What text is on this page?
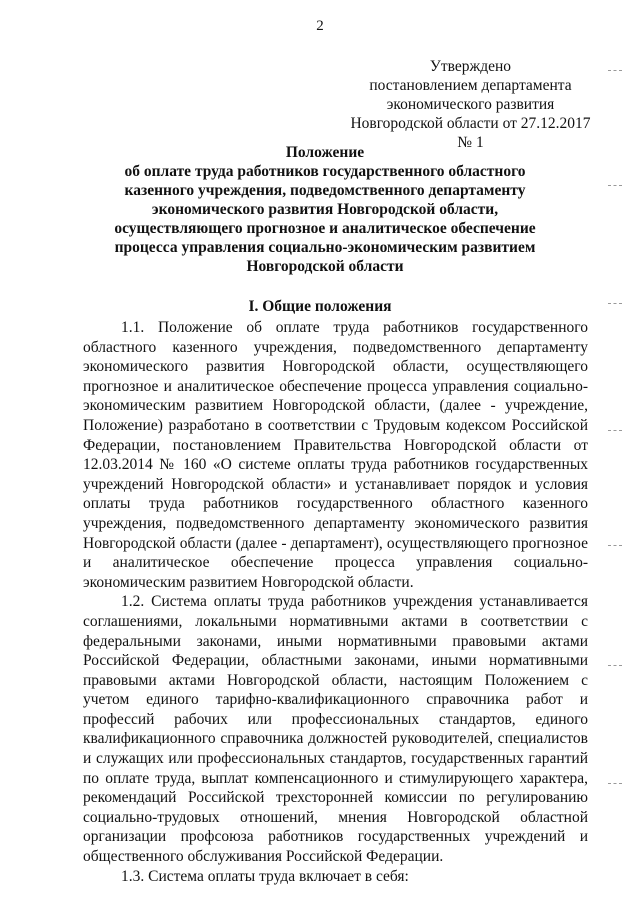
2
Утверждено
постановлением департамента
экономического развития
Новгородской области от 27.12.2017
№ 1
Положение
об оплате труда работников государственного областного
казенного учреждения, подведомственного департаменту
экономического развития Новгородской области,
осуществляющего прогнозное и аналитическое обеспечение
процесса управления социально-экономическим развитием
Новгородской области
I. Общие положения

1.1. Положение об оплате труда работников государственного областного казенного учреждения, подведомственного департаменту экономического развития Новгородской области, осуществляющего прогнозное и аналитическое обеспечение процесса управления социально-экономическим развитием Новгородской области, (далее - учреждение, Положение) разработано в соответствии с Трудовым кодексом Российской Федерации, постановлением Правительства Новгородской области от 12.03.2014 № 160 «О системе оплаты труда работников государственных учреждений Новгородской области» и устанавливает порядок и условия оплаты труда работников государственного областного казенного учреждения, подведомственного департаменту экономического развития Новгородской области (далее - департамент), осуществляющего прогнозное и аналитическое обеспечение процесса управления социально-экономическим развитием Новгородской области.

1.2. Система оплаты труда работников учреждения устанавливается соглашениями, локальными нормативными актами в соответствии с федеральными законами, иными нормативными правовыми актами Российской Федерации, областными законами, иными нормативными правовыми актами Новгородской области, настоящим Положением с учетом единого тарифно-квалификационного справочника работ и профессий рабочих или профессиональных стандартов, единого квалификационного справочника должностей руководителей, специалистов и служащих или профессиональных стандартов, государственных гарантий по оплате труда, выплат компенсационного и стимулирующего характера, рекомендаций Российской трехсторонней комиссии по регулированию социально-трудовых отношений, мнения Новгородской областной организации профсоюза работников государственных учреждений и общественного обслуживания Российской Федерации.

1.3. Система оплаты труда включает в себя:
